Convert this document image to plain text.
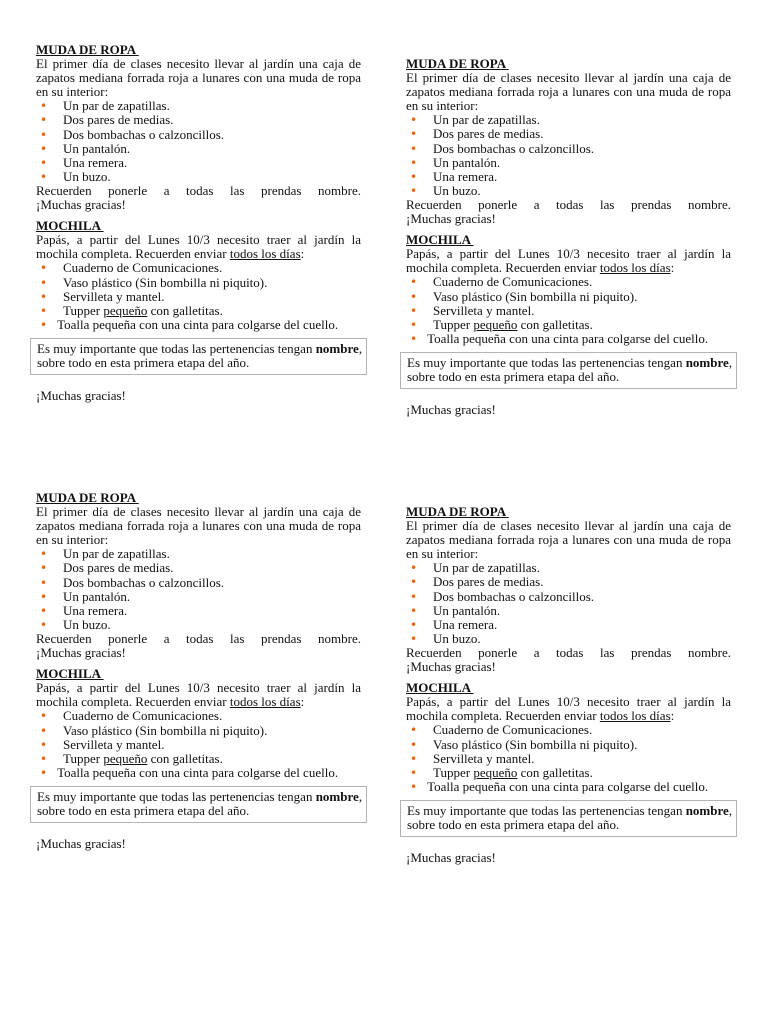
MUDA DE ROPA
El primer día de clases necesito llevar al jardín una caja de zapatos mediana forrada roja a lunares con una muda de ropa en su interior:
• Un par de zapatillas.
• Dos pares de medias.
• Dos bombachas o calzoncillos.
• Un pantalón.
• Una remera.
• Un buzo.
Recuerden ponerle a todas las prendas nombre.
¡Muchas gracias!
MOCHILA
Papás, a partir del Lunes 10/3 necesito traer al jardín la mochila completa. Recuerden enviar todos los días:
• Cuaderno de Comunicaciones.
• Vaso plástico (Sin bombilla ni piquito).
• Servilleta y mantel.
• Tupper pequeño con galletitas.
• Toalla pequeña con una cinta para colgarse del cuello.
Es muy importante que todas las pertenencias tengan nombre, sobre todo en esta primera etapa del año.
¡Muchas gracias!
MUDA DE ROPA
El primer día de clases necesito llevar al jardín una caja de zapatos mediana forrada roja a lunares con una muda de ropa en su interior:
• Un par de zapatillas.
• Dos pares de medias.
• Dos bombachas o calzoncillos.
• Un pantalón.
• Una remera.
• Un buzo.
Recuerden ponerle a todas las prendas nombre.
¡Muchas gracias!
MOCHILA
Papás, a partir del Lunes 10/3 necesito traer al jardín la mochila completa. Recuerden enviar todos los días:
• Cuaderno de Comunicaciones.
• Vaso plástico (Sin bombilla ni piquito).
• Servilleta y mantel.
• Tupper pequeño con galletitas.
• Toalla pequeña con una cinta para colgarse del cuello.
Es muy importante que todas las pertenencias tengan nombre, sobre todo en esta primera etapa del año.
¡Muchas gracias!
MUDA DE ROPA
El primer día de clases necesito llevar al jardín una caja de zapatos mediana forrada roja a lunares con una muda de ropa en su interior:
• Un par de zapatillas.
• Dos pares de medias.
• Dos bombachas o calzoncillos.
• Un pantalón.
• Una remera.
• Un buzo.
Recuerden ponerle a todas las prendas nombre.
¡Muchas gracias!
MOCHILA
Papás, a partir del Lunes 10/3 necesito traer al jardín la mochila completa. Recuerden enviar todos los días:
• Cuaderno de Comunicaciones.
• Vaso plástico (Sin bombilla ni piquito).
• Servilleta y mantel.
• Tupper pequeño con galletitas.
• Toalla pequeña con una cinta para colgarse del cuello.
Es muy importante que todas las pertenencias tengan nombre, sobre todo en esta primera etapa del año.
¡Muchas gracias!
MUDA DE ROPA
El primer día de clases necesito llevar al jardín una caja de zapatos mediana forrada roja a lunares con una muda de ropa en su interior:
• Un par de zapatillas.
• Dos pares de medias.
• Dos bombachas o calzoncillos.
• Un pantalón.
• Una remera.
• Un buzo.
Recuerden ponerle a todas las prendas nombre.
¡Muchas gracias!
MOCHILA
Papás, a partir del Lunes 10/3 necesito traer al jardín la mochila completa. Recuerden enviar todos los días:
• Cuaderno de Comunicaciones.
• Vaso plástico (Sin bombilla ni piquito).
• Servilleta y mantel.
• Tupper pequeño con galletitas.
• Toalla pequeña con una cinta para colgarse del cuello.
Es muy importante que todas las pertenencias tengan nombre, sobre todo en esta primera etapa del año.
¡Muchas gracias!
